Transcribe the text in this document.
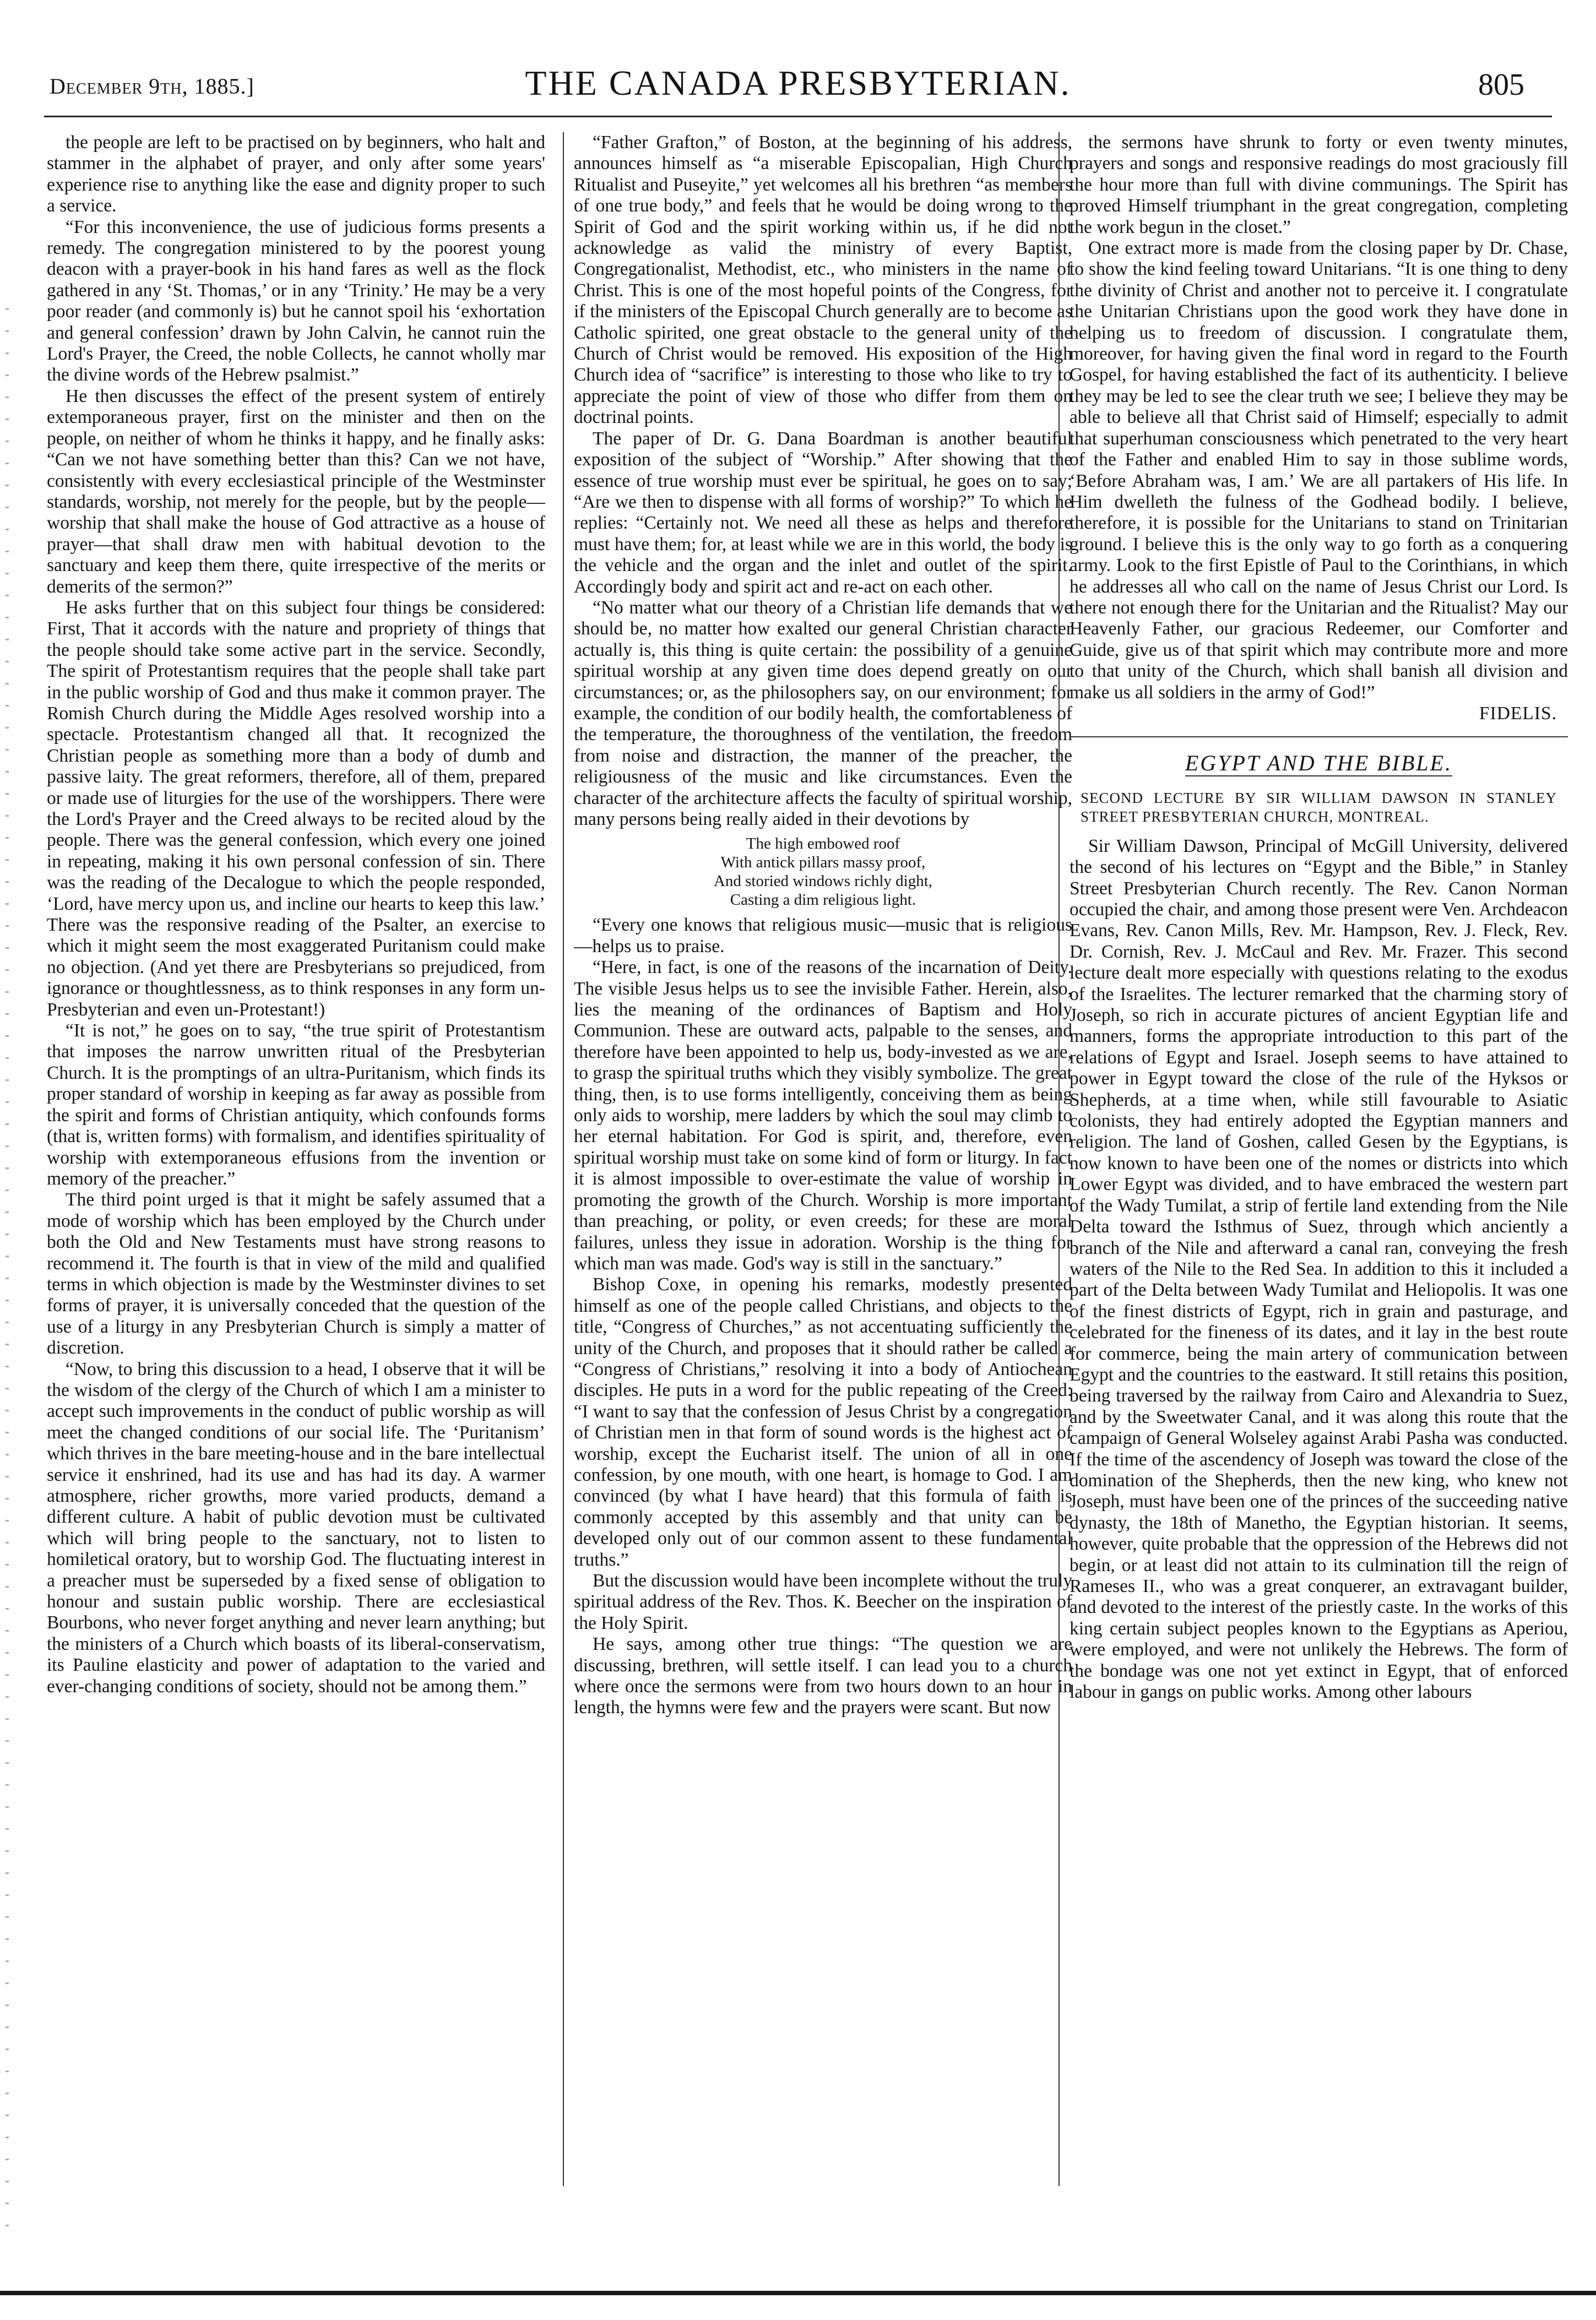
December 9th, 1885.]	THE CANADA PRESBYTERIAN.	805

the people are left to be practised on by beginners, who halt and stammer in the alphabet of prayer, and only after some years' experience rise to anything like the ease and dignity proper to such a service.

“For this inconvenience, the use of judicious forms presents a remedy. The congregation ministered to by the poorest young deacon with a prayer-book in his hand fares as well as the flock gathered in any ‘St. Thomas,’ or in any ‘Trinity.’ He may be a very poor reader (and commonly is) but he cannot spoil his ‘exhortation and general confession’ drawn by John Calvin, he cannot ruin the Lord's Prayer, the Creed, the noble Collects, he cannot wholly mar the divine words of the Hebrew psalmist.”

He then discusses the effect of the present system of entirely extemporaneous prayer, first on the minister and then on the people, on neither of whom he thinks it happy, and he finally asks: “Can we not have something better than this? Can we not have, consistently with every ecclesiastical principle of the Westminster standards, worship, not merely for the people, but by the people—worship that shall make the house of God attractive as a house of prayer—that shall draw men with habitual devotion to the sanctuary and keep them there, quite irrespective of the merits or demerits of the sermon?”

He asks further that on this subject four things be considered: First, That it accords with the nature and propriety of things that the people should take some active part in the service. Secondly, The spirit of Protestantism requires that the people shall take part in the public worship of God and thus make it common prayer. The Romish Church during the Middle Ages resolved worship into a spectacle. Protestantism changed all that. It recognized the Christian people as something more than a body of dumb and passive laity. The great reformers, therefore, all of them, prepared or made use of liturgies for the use of the worshippers. There were the Lord's Prayer and the Creed always to be recited aloud by the people. There was the general confession, which every one joined in repeating, making it his own personal confession of sin. There was the reading of the Decalogue to which the people responded, ‘Lord, have mercy upon us, and incline our hearts to keep this law.’ There was the responsive reading of the Psalter, an exercise to which it might seem the most exaggerated Puritanism could make no objection. (And yet there are Presbyterians so prejudiced, from ignorance or thoughtlessness, as to think responses in any form un-Presbyterian and even un-Protestant!)

“It is not,” he goes on to say, “the true spirit of Protestantism that imposes the narrow unwritten ritual of the Presbyterian Church. It is the promptings of an ultra-Puritanism, which finds its proper standard of worship in keeping as far away as possible from the spirit and forms of Christian antiquity, which confounds forms (that is, written forms) with formalism, and identifies spirituality of worship with extemporaneous effusions from the invention or memory of the preacher.”

The third point urged is that it might be safely assumed that a mode of worship which has been employed by the Church under both the Old and New Testaments must have strong reasons to recommend it. The fourth is that in view of the mild and qualified terms in which objection is made by the Westminster divines to set forms of prayer, it is universally conceded that the question of the use of a liturgy in any Presbyterian Church is simply a matter of discretion.

“Now, to bring this discussion to a head, I observe that it will be the wisdom of the clergy of the Church of which I am a minister to accept such improvements in the conduct of public worship as will meet the changed conditions of our social life. The ‘Puritanism’ which thrives in the bare meeting-house and in the bare intellectual service it enshrined, had its use and has had its day. A warmer atmosphere, richer growths, more varied products, demand a different culture. A habit of public devotion must be cultivated which will bring people to the sanctuary, not to listen to homiletical oratory, but to worship God. The fluctuating interest in a preacher must be superseded by a fixed sense of obligation to honour and sustain public worship. There are ecclesiastical Bourbons, who never forget anything and never learn anything; but the ministers of a Church which boasts of its liberal-conservatism, its Pauline elasticity and power of adaptation to the varied and ever-changing conditions of society, should not be among them.”

“Father Grafton,” of Boston, at the beginning of his address, announces himself as “a miserable Episcopalian, High Church Ritualist and Puseyite,” yet welcomes all his brethren “as members of one true body,” and feels that he would be doing wrong to the Spirit of God and the spirit working within us, if he did not acknowledge as valid the ministry of every Baptist, Congregationalist, Methodist, etc., who ministers in the name of Christ. This is one of the most hopeful points of the Congress, for if the ministers of the Episcopal Church generally are to become as Catholic spirited, one great obstacle to the general unity of the Church of Christ would be removed. His exposition of the High Church idea of “sacrifice” is interesting to those who like to try to appreciate the point of view of those who differ from them on doctrinal points.

The paper of Dr. G. Dana Boardman is another beautiful exposition of the subject of “Worship.” After showing that the essence of true worship must ever be spiritual, he goes on to say; “Are we then to dispense with all forms of worship?” To which he replies: “Certainly not. We need all these as helps and therefore must have them; for, at least while we are in this world, the body is the vehicle and the organ and the inlet and outlet of the spirit. Accordingly body and spirit act and re-act on each other.

“No matter what our theory of a Christian life demands that we should be, no matter how exalted our general Christian character actually is, this thing is quite certain: the possibility of a genuine spiritual worship at any given time does depend greatly on our circumstances; or, as the philosophers say, on our environment; for example, the condition of our bodily health, the comfortableness of the temperature, the thoroughness of the ventilation, the freedom from noise and distraction, the manner of the preacher, the religiousness of the music and like circumstances. Even the character of the architecture affects the faculty of spiritual worship, many persons being really aided in their devotions by

The high embowed roof
With antick pillars massy proof,
And storied windows richly dight,
Casting a dim religious light.

“Every one knows that religious music—music that is religious—helps us to praise.

“Here, in fact, is one of the reasons of the incarnation of Deity. The visible Jesus helps us to see the invisible Father. Herein, also, lies the meaning of the ordinances of Baptism and Holy Communion. These are outward acts, palpable to the senses, and therefore have been appointed to help us, body-invested as we are, to grasp the spiritual truths which they visibly symbolize. The great thing, then, is to use forms intelligently, conceiving them as being only aids to worship, mere ladders by which the soul may climb to her eternal habitation. For God is spirit, and, therefore, even spiritual worship must take on some kind of form or liturgy. In fact it is almost impossible to over-estimate the value of worship in promoting the growth of the Church. Worship is more important than preaching, or polity, or even creeds; for these are moral failures, unless they issue in adoration. Worship is the thing for which man was made. God's way is still in the sanctuary.”

Bishop Coxe, in opening his remarks, modestly presented himself as one of the people called Christians, and objects to the title, “Congress of Churches,” as not accentuating sufficiently the unity of the Church, and proposes that it should rather be called a “Congress of Christians,” resolving it into a body of Antiochean disciples. He puts in a word for the public repeating of the Creed: “I want to say that the confession of Jesus Christ by a congregation of Christian men in that form of sound words is the highest act of worship, except the Eucharist itself. The union of all in one confession, by one mouth, with one heart, is homage to God. I am convinced (by what I have heard) that this formula of faith is commonly accepted by this assembly and that unity can be developed only out of our common assent to these fundamental truths.”

But the discussion would have been incomplete without the truly spiritual address of the Rev. Thos. K. Beecher on the inspiration of the Holy Spirit.

He says, among other true things: “The question we are discussing, brethren, will settle itself. I can lead you to a church where once the sermons were from two hours down to an hour in length, the hymns were few and the prayers were scant. But now

the sermons have shrunk to forty or even twenty minutes, prayers and songs and responsive readings do most graciously fill the hour more than full with divine communings. The Spirit has proved Himself triumphant in the great congregation, completing the work begun in the closet.”

One extract more is made from the closing paper by Dr. Chase, to show the kind feeling toward Unitarians. “It is one thing to deny the divinity of Christ and another not to perceive it. I congratulate the Unitarian Christians upon the good work they have done in helping us to freedom of discussion. I congratulate them, moreover, for having given the final word in regard to the Fourth Gospel, for having established the fact of its authenticity. I believe they may be led to see the clear truth we see; I believe they may be able to believe all that Christ said of Himself; especially to admit that superhuman consciousness which penetrated to the very heart of the Father and enabled Him to say in those sublime words, ‘Before Abraham was, I am.’ We are all partakers of His life. In Him dwelleth the fulness of the Godhead bodily. I believe, therefore, it is possible for the Unitarians to stand on Trinitarian ground. I believe this is the only way to go forth as a conquering army. Look to the first Epistle of Paul to the Corinthians, in which he addresses all who call on the name of Jesus Christ our Lord. Is there not enough there for the Unitarian and the Ritualist? May our Heavenly Father, our gracious Redeemer, our Comforter and Guide, give us of that spirit which may contribute more and more to that unity of the Church, which shall banish all division and make us all soldiers in the army of God!”

FIDELIS.
EGYPT AND THE BIBLE.
SECOND LECTURE BY SIR WILLIAM DAWSON IN STANLEY STREET PRESBYTERIAN CHURCH, MONTREAL.

Sir William Dawson, Principal of McGill University, delivered the second of his lectures on “Egypt and the Bible,” in Stanley Street Presbyterian Church recently. The Rev. Canon Norman occupied the chair, and among those present were Ven. Archdeacon Evans, Rev. Canon Mills, Rev. Mr. Hampson, Rev. J. Fleck, Rev. Dr. Cornish, Rev. J. McCaul and Rev. Mr. Frazer. This second lecture dealt more especially with questions relating to the exodus of the Israelites. The lecturer remarked that the charming story of Joseph, so rich in accurate pictures of ancient Egyptian life and manners, forms the appropriate introduction to this part of the relations of Egypt and Israel. Joseph seems to have attained to power in Egypt toward the close of the rule of the Hyksos or Shepherds, at a time when, while still favourable to Asiatic colonists, they had entirely adopted the Egyptian manners and religion. The land of Goshen, called Gesen by the Egyptians, is now known to have been one of the nomes or districts into which Lower Egypt was divided, and to have embraced the western part of the Wady Tumilat, a strip of fertile land extending from the Nile Delta toward the Isthmus of Suez, through which anciently a branch of the Nile and afterward a canal ran, conveying the fresh waters of the Nile to the Red Sea. In addition to this it included a part of the Delta between Wady Tumilat and Heliopolis. It was one of the finest districts of Egypt, rich in grain and pasturage, and celebrated for the fineness of its dates, and it lay in the best route for commerce, being the main artery of communication between Egypt and the countries to the eastward. It still retains this position, being traversed by the railway from Cairo and Alexandria to Suez, and by the Sweetwater Canal, and it was along this route that the campaign of General Wolseley against Arabi Pasha was conducted. If the time of the ascendency of Joseph was toward the close of the domination of the Shepherds, then the new king, who knew not Joseph, must have been one of the princes of the succeeding native dynasty, the 18th of Manetho, the Egyptian historian. It seems, however, quite probable that the oppression of the Hebrews did not begin, or at least did not attain to its culmination till the reign of Rameses II., who was a great conquerer, an extravagant builder, and devoted to the interest of the priestly caste. In the works of this king certain subject peoples known to the Egyptians as Aperiou, were employed, and were not unlikely the Hebrews. The form of the bondage was one not yet extinct in Egypt, that of enforced labour in gangs on public works. Among other labours
